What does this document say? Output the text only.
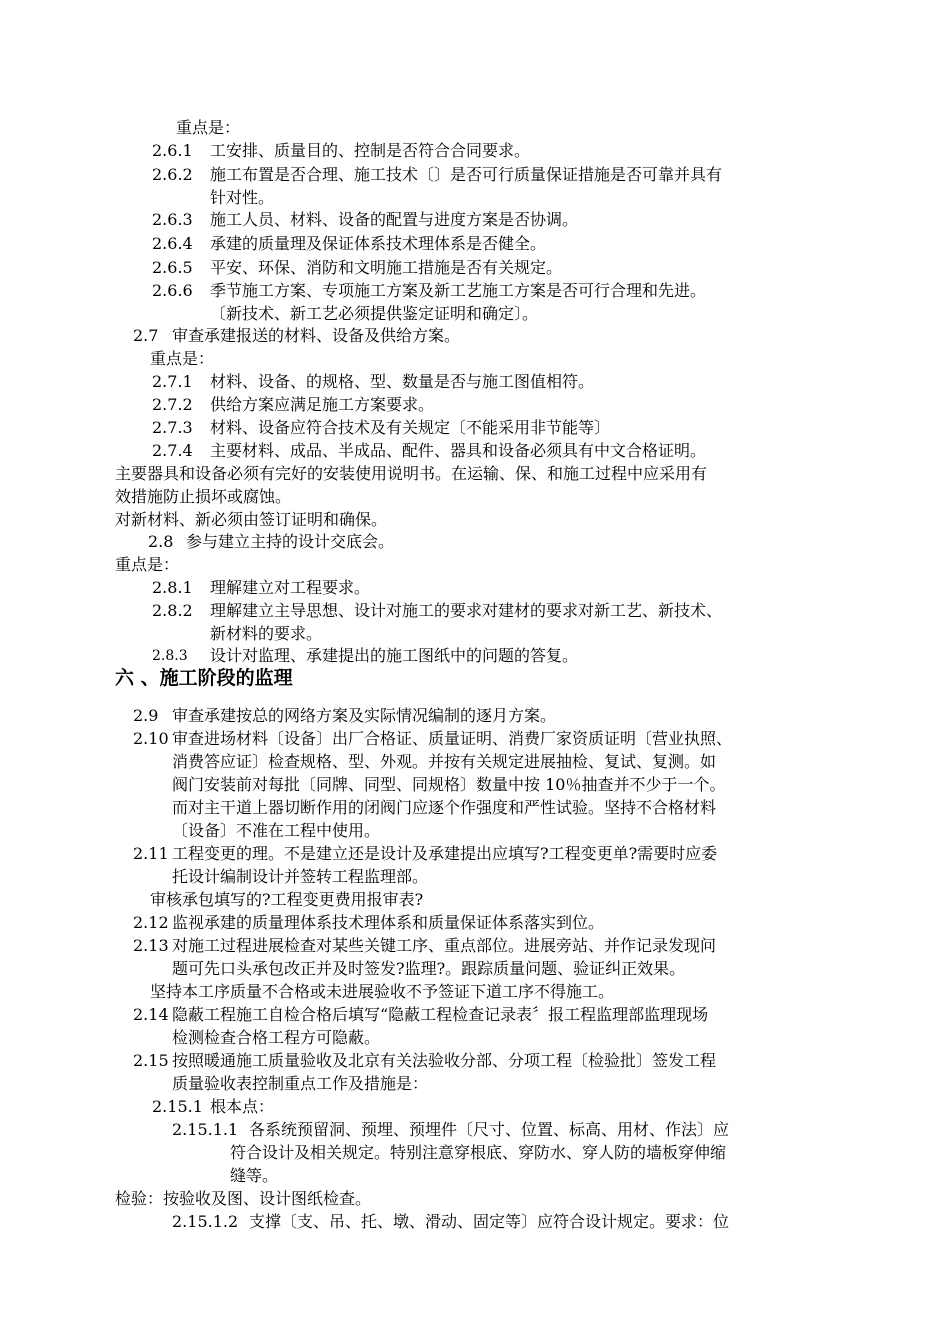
重点是：
2.6.1 工安排、质量目的、控制是否符合合同要求。
2.6.2 施工布置是否合理、施工技术〔〕是否可行质量保证措施是否可靠并具有
针对性。
2.6.3 施工人员、材料、设备的配置与进度方案是否协调。
2.6.4 承建的质量理及保证体系技术理体系是否健全。
2.6.5 平安、环保、消防和文明施工措施是否有关规定。
2.6.6 季节施工方案、专项施工方案及新工艺施工方案是否可行合理和先进。
〔新技术、新工艺必须提供鉴定证明和确定〕。
2.7 审查承建报送的材料、设备及供给方案。
重点是：
2.7.1 材料、设备、的规格、型、数量是否与施工图值相符。
2.7.2 供给方案应满足施工方案要求。
2.7.3 材料、设备应符合技术及有关规定〔不能采用非节能等〕
2.7.4 主要材料、成品、半成品、配件、器具和设备必须具有中文合格证明。
主要器具和设备必须有完好的安装使用说明书。在运输、保、和施工过程中应采用有
效措施防止损坏或腐蚀。
对新材料、新必须由签订证明和确保。
2.8 参与建立主持的设计交底会。
重点是：
2.8.1 理解建立对工程要求。
2.8.2 理解建立主导思想、设计对施工的要求对建材的要求对新工艺、新技术、
新材料的要求。
2.8.3 设计对监理、承建提出的施工图纸中的问题的答复。
六 、施工阶段的监理
2.9 审查承建按总的网络方案及实际情况编制的逐月方案。
2.10 审查进场材料〔设备〕出厂合格证、质量证明、消费厂家资质证明〔营业执照、
消费答应证〕检查规格、型、外观。并按有关规定进展抽检、复试、复测。如
阀门安装前对每批〔同牌、同型、同规格〕数量中按 10％抽查并不少于一个。
而对主干道上器切断作用的闭阀门应逐个作强度和严性试验。坚持不合格材料
〔设备〕不准在工程中使用。
2.11 工程变更的理。不是建立还是设计及承建提出应填写?工程变更单?需要时应委
托设计编制设计并签转工程监理部。
审核承包填写的?工程变更费用报审表?
2.12 监视承建的质量理体系技术理体系和质量保证体系落实到位。
2.13 对施工过程进展检查对某些关键工序、重点部位。进展旁站、并作记录发现问
题可先口头承包改正并及时签发?监理?。跟踪质量问题、验证纠正效果。
坚持本工序质量不合格或未进展验收不予签证下道工序不得施工。
2.14 隐蔽工程施工自检合格后填写“隐蔽工程检查记录表〞报工程监理部监理现场
检测检查合格工程方可隐蔽。
2.15 按照暖通施工质量验收及北京有关法验收分部、分项工程〔检验批〕签发工程
质量验收表控制重点工作及措施是：
2.15.1 根本点：
2.15.1.1 各系统预留洞、预埋、预埋件〔尺寸、位置、标高、用材、作法〕应
符合设计及相关规定。特别注意穿根底、穿防水、穿人防的墙板穿伸缩
缝等。
检验：按验收及图、设计图纸检查。
2.15.1.2 支撑〔支、吊、托、墩、滑动、固定等〕应符合设计规定。要求：位
